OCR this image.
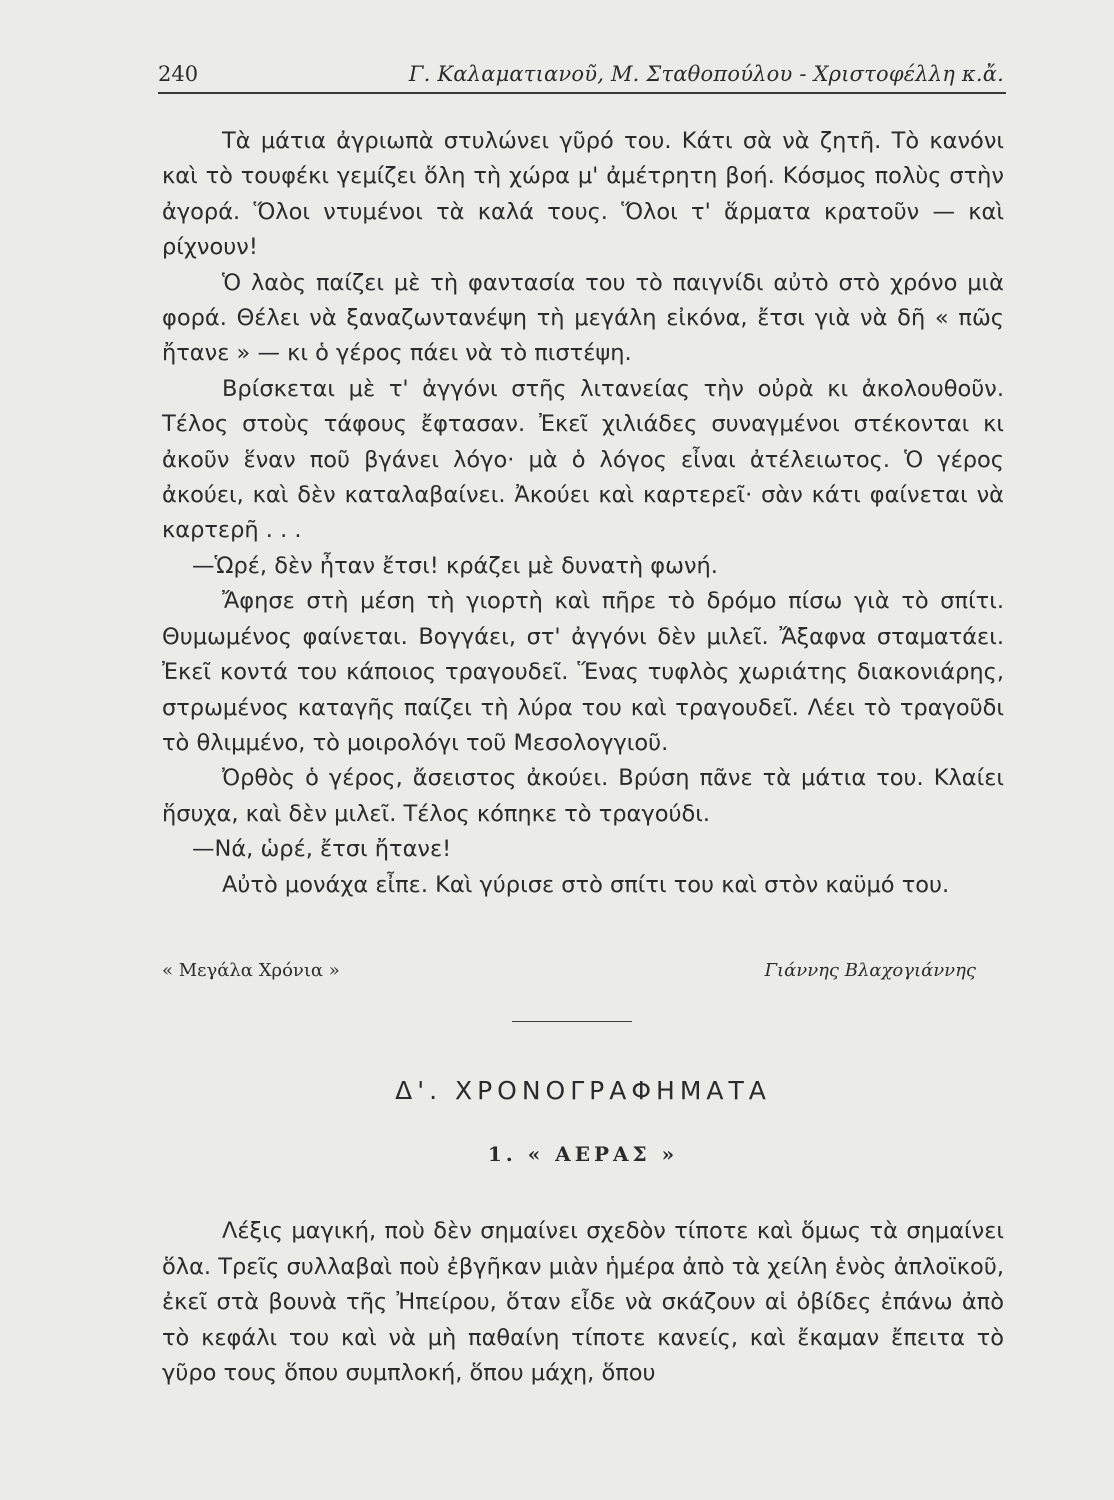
240	Γ. Καλαματιανοῦ, Μ. Σταθοπούλου - Χριστοφέλλη κ.ἄ.

Τὰ μάτια ἀγριωπὰ στυλώνει γῦρό του. Κάτι σὰ νὰ ζητῆ. Τὸ κανόνι καὶ τὸ τουφέκι γεμίζει ὅλη τὴ χώρα μ' ἀμέτρητη βοή. Κόσμος πολὺς στὴν ἀγορά. Ὅλοι ντυμένοι τὰ καλά τους. Ὅλοι τ' ἅρματα κρατοῦν — καὶ ρίχνουν!

Ὁ λαὸς παίζει μὲ τὴ φαντασία του τὸ παιγνίδι αὐτὸ στὸ χρόνο μιὰ φορά. Θέλει νὰ ξαναζωντανέψη τὴ μεγάλη εἰκόνα, ἔτσι γιὰ νὰ δῆ « πῶς ἤτανε » — κι ὁ γέρος πάει νὰ τὸ πιστέψη.

Βρίσκεται μὲ τ' ἀγγόνι στῆς λιτανείας τὴν οὐρὰ κι ἀκολουθοῦν. Τέλος στοὺς τάφους ἔφτασαν. Ἐκεῖ χιλιάδες συναγμένοι στέκονται κι ἀκοῦν ἕναν ποῦ βγάνει λόγο· μὰ ὁ λόγος εἶναι ἀτέλειωτος. Ὁ γέρος ἀκούει, καὶ δὲν καταλαβαίνει. Ἀκούει καὶ καρτερεῖ· σὰν κάτι φαίνεται νὰ καρτερῆ . . .

—Ὡρέ, δὲν ἦταν ἔτσι! κράζει μὲ δυνατὴ φωνή.

Ἄφησε στὴ μέση τὴ γιορτὴ καὶ πῆρε τὸ δρόμο πίσω γιὰ τὸ σπίτι. Θυμωμένος φαίνεται. Βογγάει, στ' ἀγγόνι δὲν μιλεῖ. Ἄξαφνα σταματάει. Ἐκεῖ κοντά του κάποιος τραγουδεῖ. Ἕνας τυφλὸς χωριάτης διακονιάρης, στρωμένος καταγῆς παίζει τὴ λύρα του καὶ τραγουδεῖ. Λέει τὸ τραγοῦδι τὸ θλιμμένο, τὸ μοιρολόγι τοῦ Μεσολογγιοῦ.

Ὀρθὸς ὁ γέρος, ἄσειστος ἀκούει. Βρύση πᾶνε τὰ μάτια του. Κλαίει ἥσυχα, καὶ δὲν μιλεῖ. Τέλος κόπηκε τὸ τραγούδι.

—Νά, ὡρέ, ἔτσι ἤτανε!

Αὐτὸ μονάχα εἶπε. Καὶ γύρισε στὸ σπίτι του καὶ στὸν καϋμό του.

« Μεγάλα Χρόνια »	Γιάννης Βλαχογιάννης
Δ'. ΧΡΟΝΟΓΡΑΦΗΜΑΤΑ
1. « ΑΕΡΑΣ »

Λέξις μαγική, ποὺ δὲν σημαίνει σχεδὸν τίποτε καὶ ὅμως τὰ σημαίνει ὅλα. Τρεῖς συλλαβαὶ ποὺ ἐβγῆκαν μιὰν ἡμέρα ἀπὸ τὰ χείλη ἑνὸς ἀπλοϊκοῦ, ἐκεῖ στὰ βουνὰ τῆς Ἠπείρου, ὅταν εἶδε νὰ σκάζουν αἱ ὀβίδες ἐπάνω ἀπὸ τὸ κεφάλι του καὶ νὰ μὴ παθαίνη τίποτε κανείς, καὶ ἔκαμαν ἔπειτα τὸ γῦρο τους ὅπου συμπλοκή, ὅπου μάχη, ὅπου
